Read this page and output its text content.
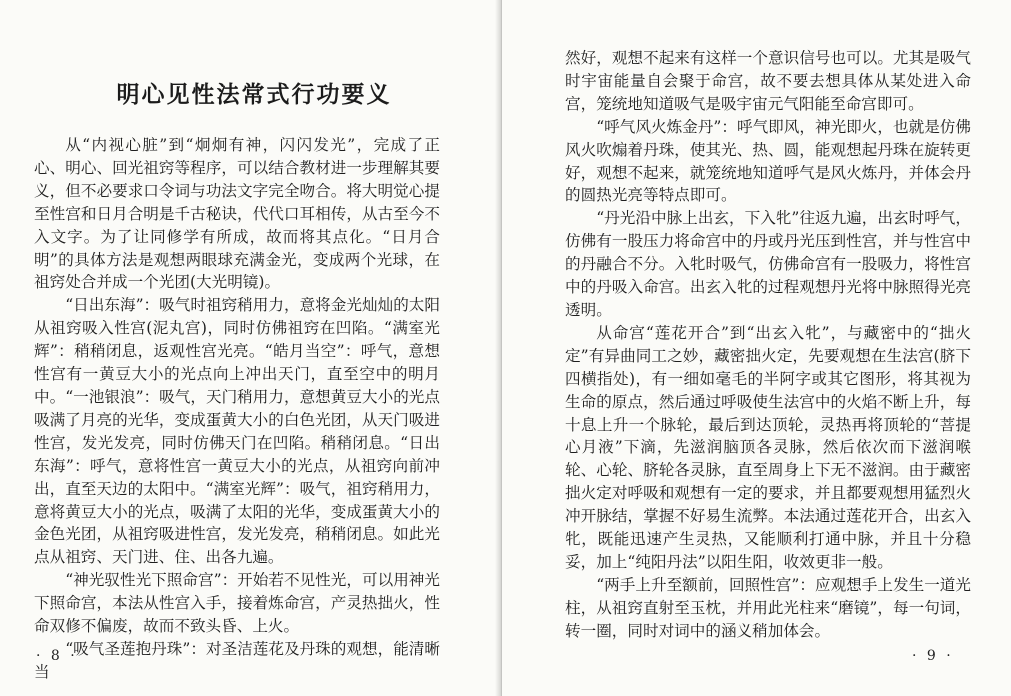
明心见性法常式行功要义

从“内视心脏”到“炯炯有神，闪闪发光”，完成了正心、明心、回光祖窍等程序，可以结合教材进一步理解其要义，但不必要求口令词与功法文字完全吻合。将大明觉心提至性宫和日月合明是千古秘诀，代代口耳相传，从古至今不入文字。为了让同修学有所成，故而将其点化。“日月合明”的具体方法是观想两眼球充满金光，变成两个光球，在祖窍处合并成一个光团(大光明镜)。

“日出东海”：吸气时祖窍稍用力，意将金光灿灿的太阳从祖窍吸入性宫(泥丸宫)，同时仿佛祖窍在凹陷。“满室光辉”：稍稍闭息，返观性宫光亮。“皓月当空”：呼气，意想性宫有一黄豆大小的光点向上冲出天门，直至空中的明月中。“一池银浪”：吸气，天门稍用力，意想黄豆大小的光点吸满了月亮的光华，变成蛋黄大小的白色光团，从天门吸进性宫，发光发亮，同时仿佛天门在凹陷。稍稍闭息。“日出东海”：呼气，意将性宫一黄豆大小的光点，从祖窍向前冲出，直至天边的太阳中。“满室光辉”：吸气，祖窍稍用力，意将黄豆大小的光点，吸满了太阳的光华，变成蛋黄大小的金色光团，从祖窍吸进性宫，发光发亮，稍稍闭息。如此光点从祖窍、天门进、住、出各九遍。

“神光驭性光下照命宫”：开始若不见性光，可以用神光下照命宫，本法从性宫入手，接着炼命宫，产灵热拙火，性命双修不偏废，故而不致头昏、上火。

“吸气圣莲抱丹珠”：对圣洁莲花及丹珠的观想，能清晰当

· 8 ·

然好，观想不起来有这样一个意识信号也可以。尤其是吸气时宇宙能量自会聚于命宫，故不要去想具体从某处进入命宫，笼统地知道吸气是吸宇宙元气阳能至命宫即可。

“呼气风火炼金丹”：呼气即风，神光即火，也就是仿佛风火吹煽着丹珠，使其光、热、圆，能观想起丹珠在旋转更好，观想不起来，就笼统地知道呼气是风火炼丹，并体会丹的圆热光亮等特点即可。

“丹光沿中脉上出玄，下入牝”往返九遍，出玄时呼气，仿佛有一股压力将命宫中的丹或丹光压到性宫，并与性宫中的丹融合不分。入牝时吸气，仿佛命宫有一股吸力，将性宫中的丹吸入命宫。出玄入牝的过程观想丹光将中脉照得光亮透明。

从命宫“莲花开合”到“出玄入牝”，与藏密中的“拙火定”有异曲同工之妙，藏密拙火定，先要观想在生法宫(脐下四横指处)，有一细如毫毛的半阿字或其它图形，将其视为生命的原点，然后通过呼吸使生法宫中的火焰不断上升，每十息上升一个脉轮，最后到达顶轮，灵热再将顶轮的“菩提心月液”下滴，先滋润脑顶各灵脉，然后依次而下滋润喉轮、心轮、脐轮各灵脉，直至周身上下无不滋润。由于藏密拙火定对呼吸和观想有一定的要求，并且都要观想用猛烈火冲开脉结，掌握不好易生流弊。本法通过莲花开合，出玄入牝，既能迅速产生灵热，又能顺利打通中脉，并且十分稳妥，加上“纯阳丹法”以阳生阳，收效更非一般。

“两手上升至额前，回照性宫”：应观想手上发生一道光柱，从祖窍直射至玉枕，并用此光柱来“磨镜”，每一句词，转一圈，同时对词中的涵义稍加体会。

· 9 ·
